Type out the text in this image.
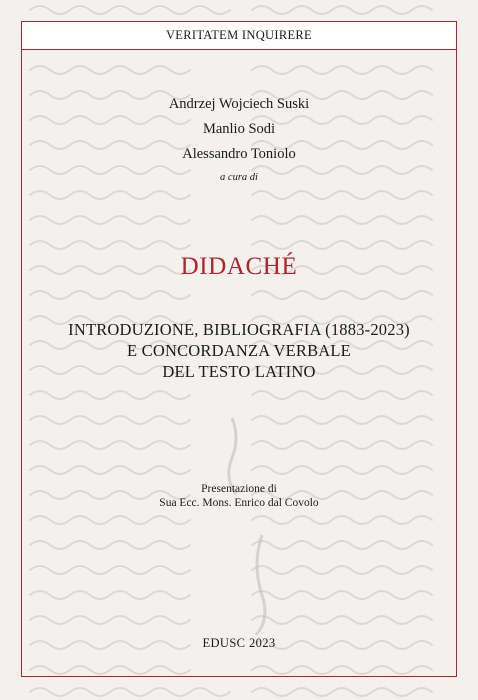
VERITATEM INQUIRERE
Andrzej Wojciech Suski
Manlio Sodi
Alessandro Toniolo
a cura di
DIDACHÉ
INTRODUZIONE, BIBLIOGRAFIA (1883-2023)
E CONCORDANZA VERBALE
DEL TESTO LATINO
Presentazione di
Sua Ecc. Mons. Enrico dal Covolo
EDUSC 2023
